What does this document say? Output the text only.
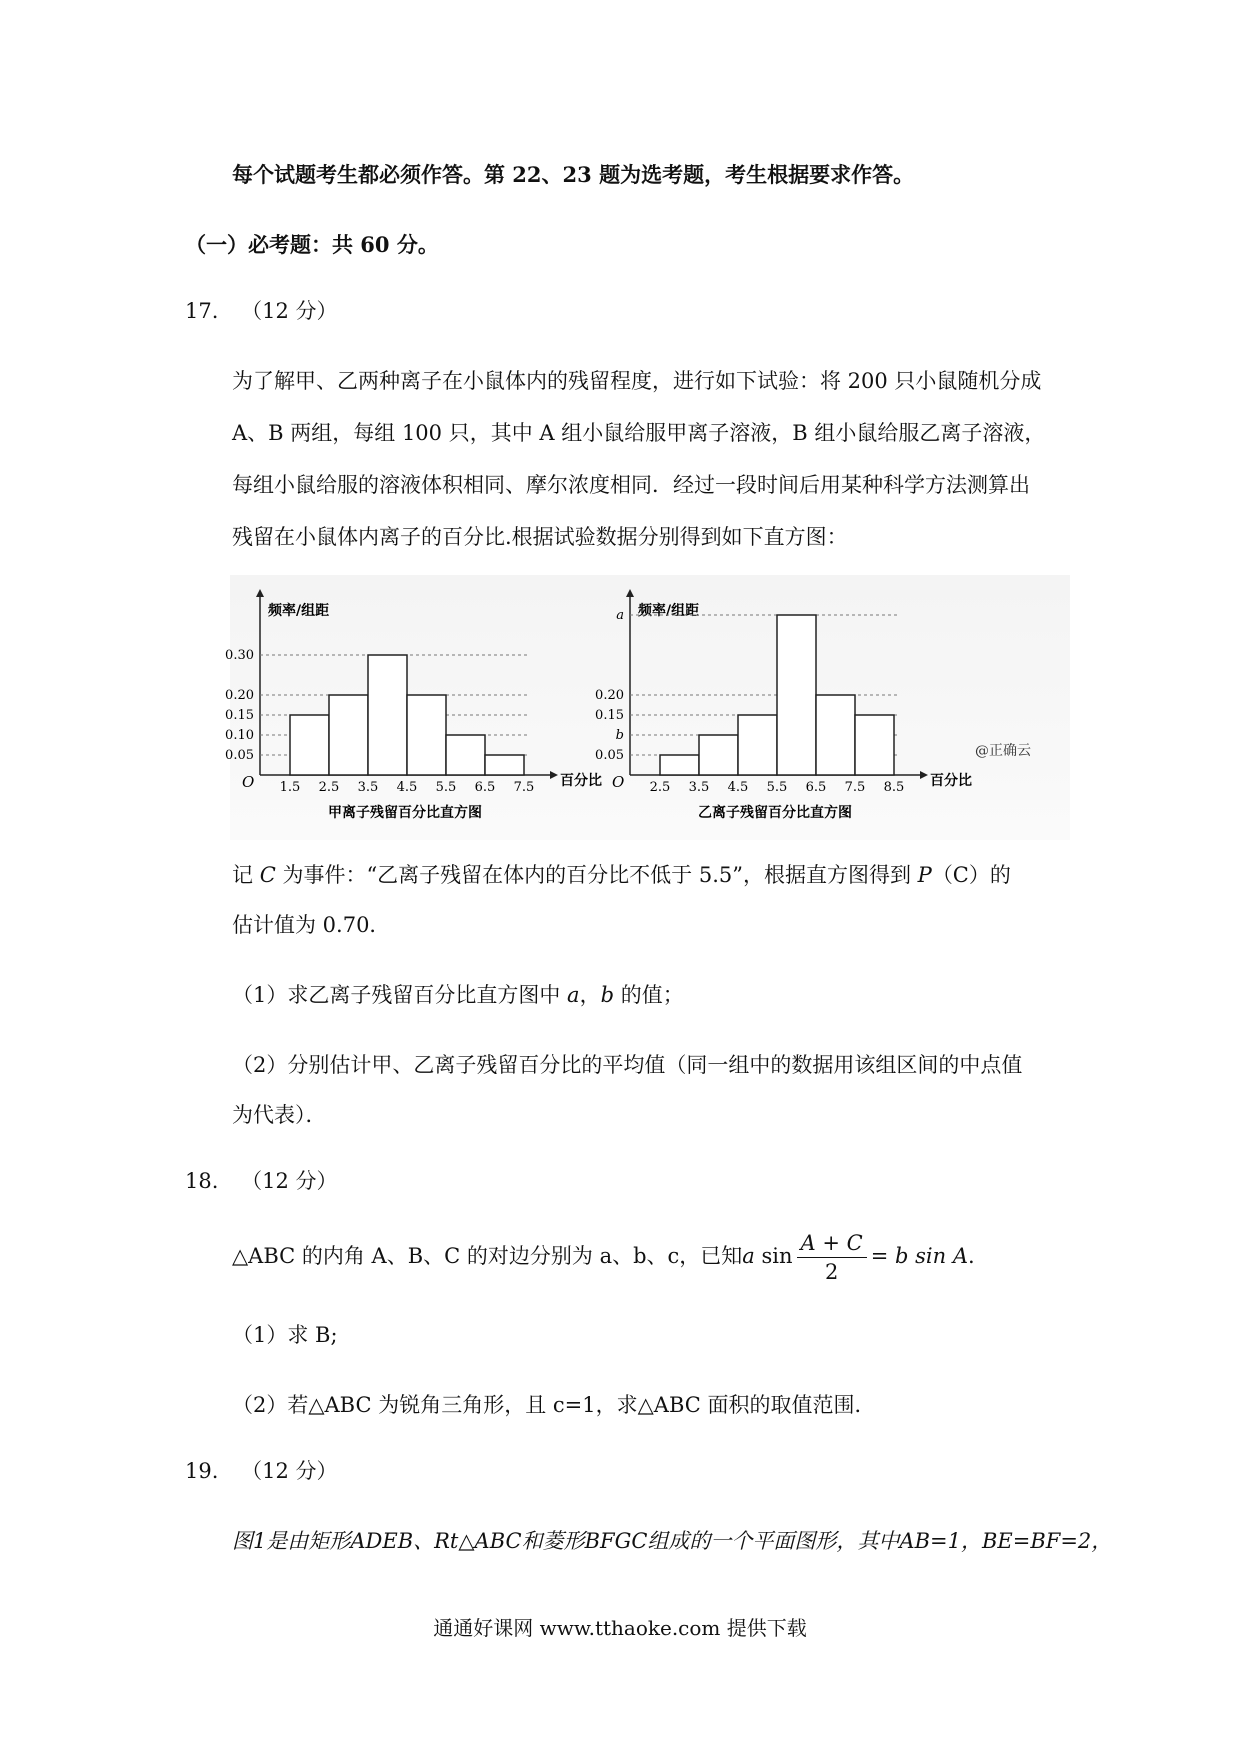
每个试题考生都必须作答。第 22、23 题为选考题，考生根据要求作答。
（一）必考题：共 60 分。
17. （12 分）
为了解甲、乙两种离子在小鼠体内的残留程度，进行如下试验：将 200 只小鼠随机分成
A、B 两组，每组 100 只，其中 A 组小鼠给服甲离子溶液，B 组小鼠给服乙离子溶液，
每组小鼠给服的溶液体积相同、摩尔浓度相同．经过一段时间后用某种科学方法测算出
残留在小鼠体内离子的百分比.根据试验数据分别得到如下直方图：
O
频率/组距
百分比
0.05
0.10
0.15
0.20
0.30
1.5 2.5 3.5 4.5 5.5 6.5 7.5
甲离子残留百分比直方图
O
频率/组距
百分比
0.05
b
0.15
0.20
a
2.5 3.5 4.5 5.5 6.5 7.5 8.5
乙离子残留百分比直方图
@正确云
记 C 为事件：“乙离子残留在体内的百分比不低于 5.5”，根据直方图得到 P（C）的
估计值为 0.70．
（1）求乙离子残留百分比直方图中 a，b 的值；
（2）分别估计甲、乙离子残留百分比的平均值（同一组中的数据用该组区间的中点值
为代表）．
18. （12 分）
△ABC 的内角 A、B、C 的对边分别为 a、b、c，已知a $\sin \frac{A + C}{2} = b$ sin A.
（1）求 B;
（2）若△ABC 为锐角三角形，且 c=1，求△ABC 面积的取值范围．
19. （12 分）
图1是由矩形ADEB、Rt△ABC和菱形BFGC组成的一个平面图形，其中AB=1，BE=BF=2，
通通好课网 www.tthaoke.com 提供下载
